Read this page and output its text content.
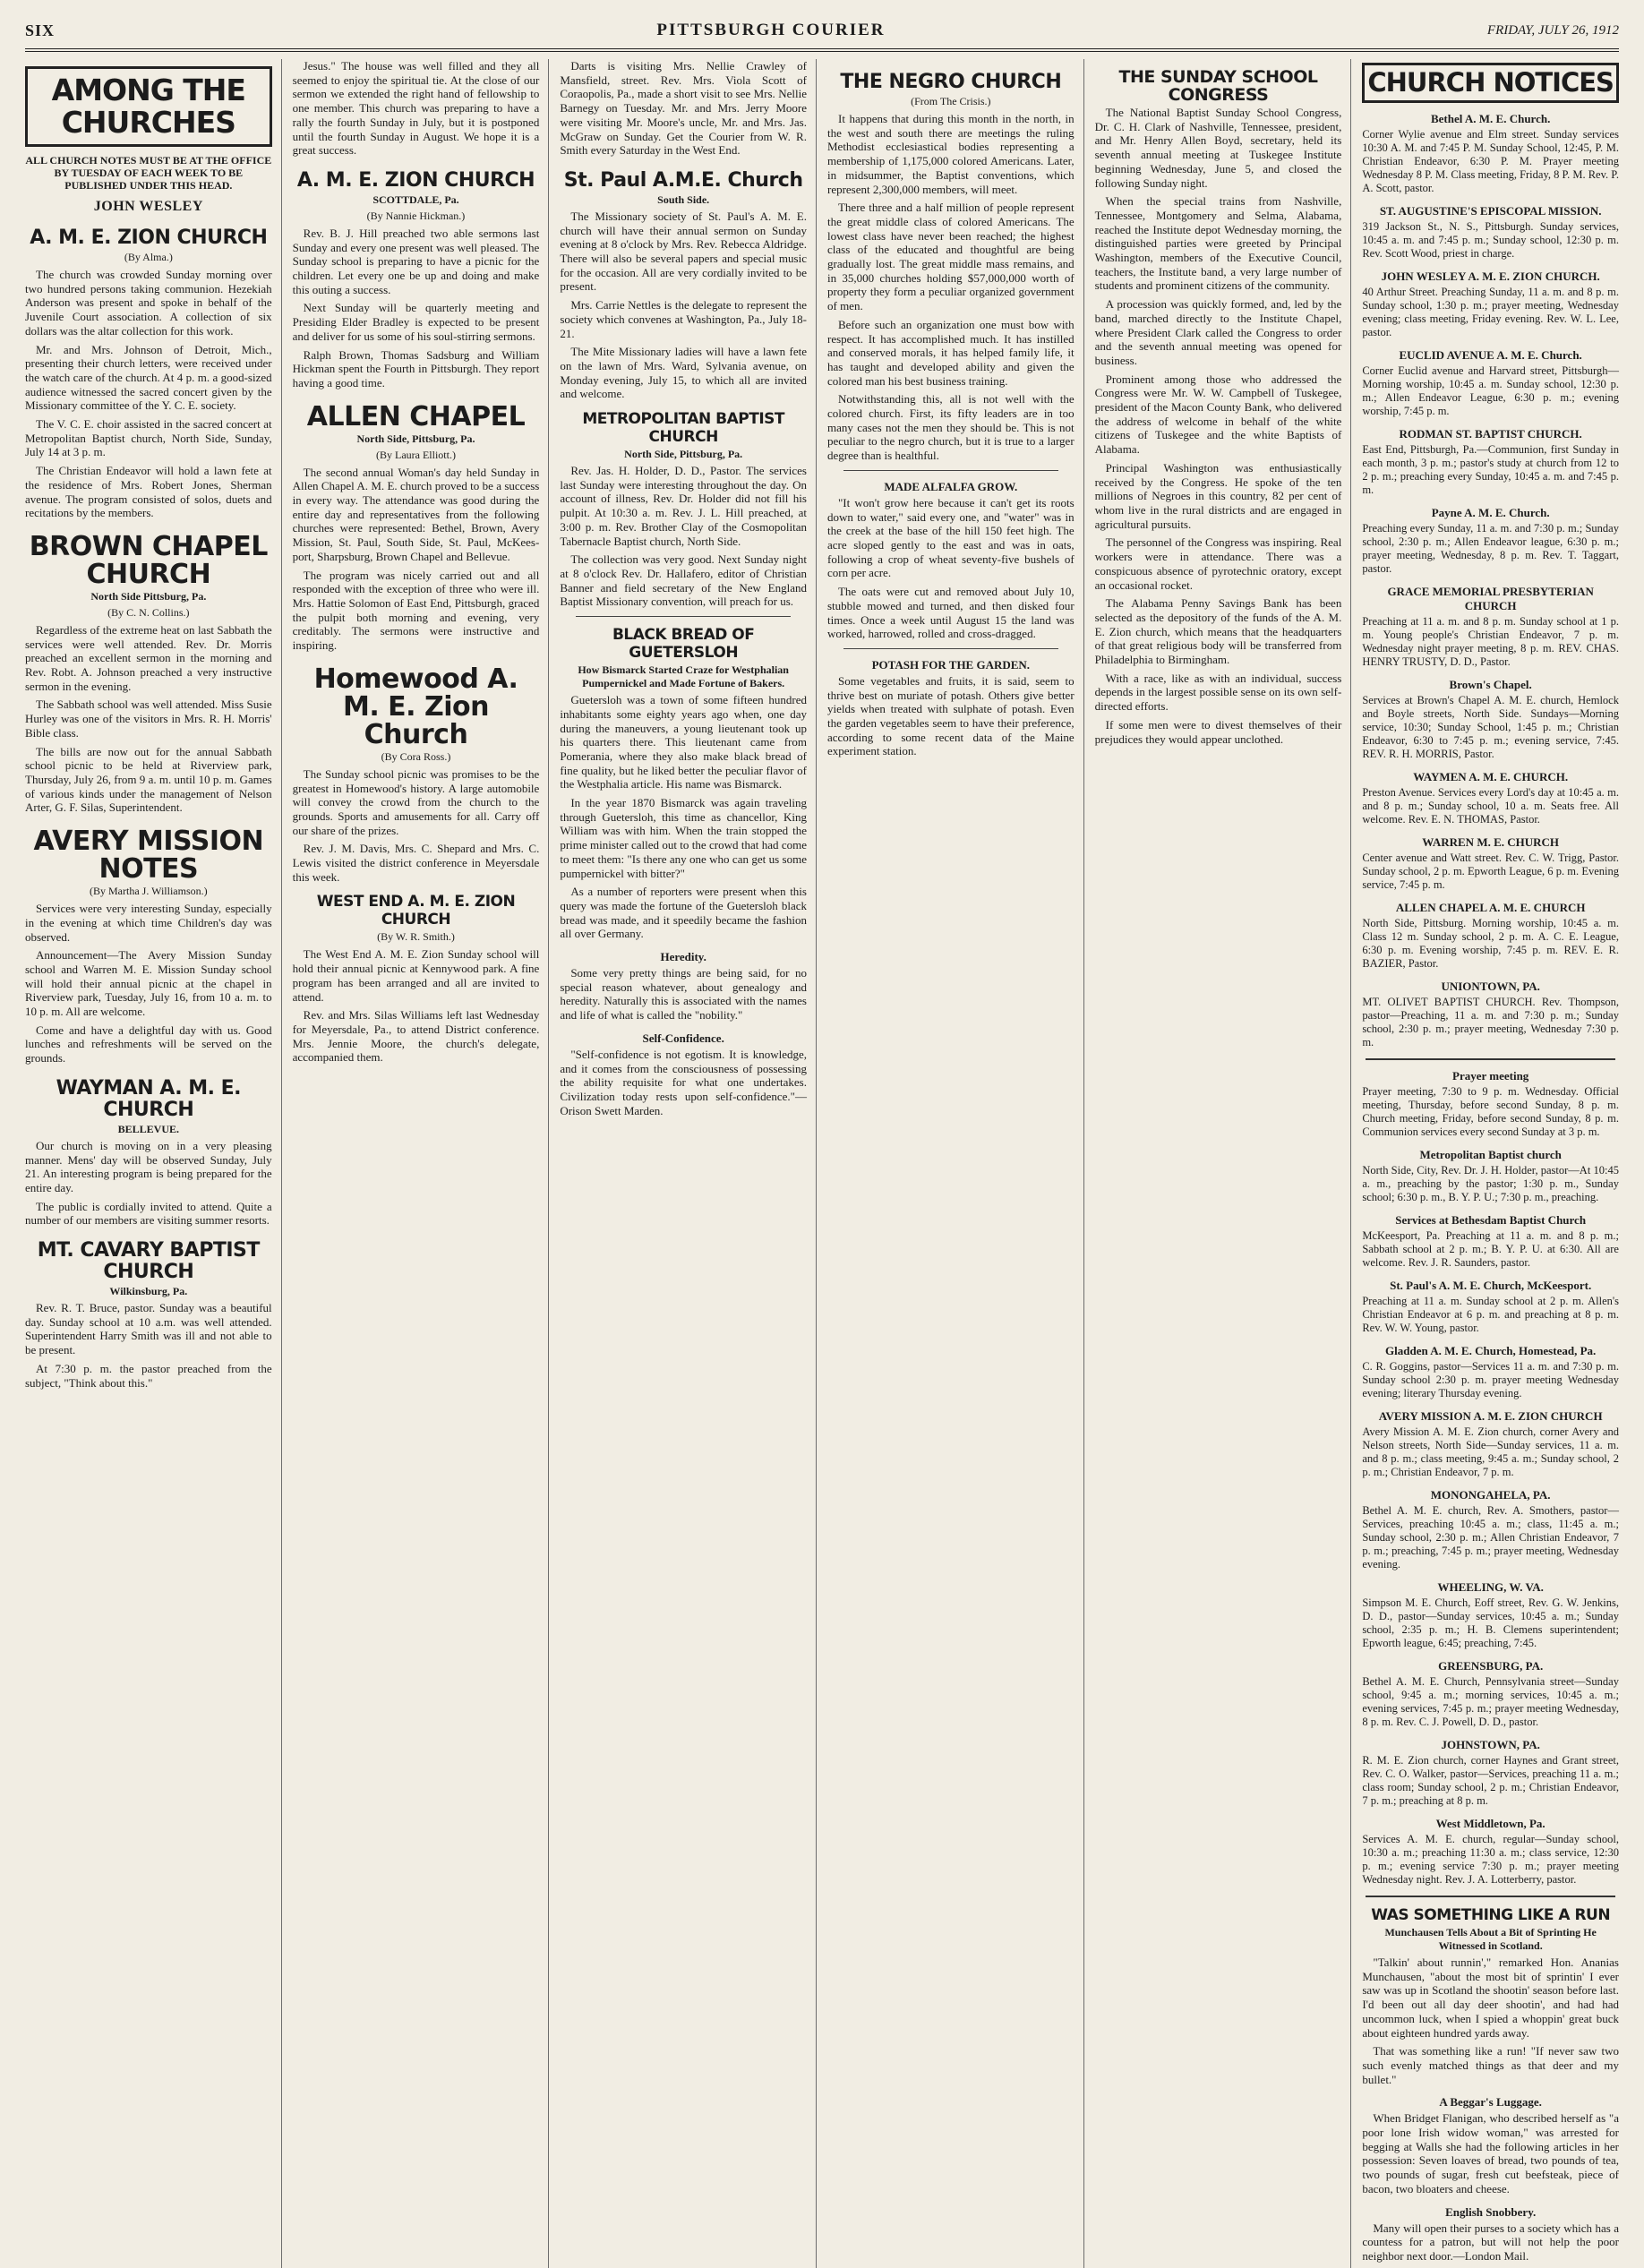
SIX	PITTSBURGH COURIER	FRIDAY, JULY 26, 1912
AMONG THE CHURCHES
ALL CHURCH NOTES MUST BE AT THE OFFICE BY TUESDAY OF EACH WEEK TO BE PUBLISHED UNDER THIS HEAD.
JOHN WESLEY
A. M. E. ZION CHURCH
(By Alma.)

The church was crowded Sunday morning over two hundred persons taking communion. Hezekiah Anderson was present and spoke in behalf of the Juvenile Court association. A collection of six dollars was the altar collection for this work.

Mr. and Mrs. Johnson of Detroit, Mich., presenting their church letters, were received under the watch care of the church. At 4 p. m. a good-sized audience witnessed the sacred concert given by the Missionary committee of the Y. C. E. society.

The V. C. E. choir assisted in the sacred concert at Metropolitan Baptist church, North Side, Sunday, July 14 at 3 p. m.

The Christian Endeavor will hold a lawn fete at the residence of Mrs. Robert Jones, Sherman avenue. The program consisted of solos, duets and recitations by the members.

BROWN CHAPEL CHURCH
North Side Pittsburg, Pa.
(By C. N. Collins.)

Regardless of the extreme heat on last Sabbath the services were well attended. Rev. Dr. Morris preached an excellent sermon in the morning and Rev. Robt. A. Johnson preached a very instructive sermon in the evening.

The Sabbath school was well attended. Miss Susie Hurley was one of the visitors in Mrs. R. H. Morris' Bible class.

The bills are now out for the annual Sabbath school picnic to be held at Riverview park, Thursday, July 26, from 9 a. m. until 10 p. m. Games of various kinds under the management of Nelson Arter, G. F. Silas, Superintendent.

AVERY MISSION NOTES
(By Martha J. Williamson.)

Services were very interesting Sunday, especially in the evening at which time Children's day was observed.

Announcement—The Avery Mission Sunday school and Warren M. E. Mission Sunday school will hold their annual picnic at the chapel in Riverview park, Tuesday, July 16, from 10 a. m. to 10 p. m. All are welcome.

Come and have a delightful day with us. Good lunches and refreshments will be served on the grounds.

WAYMAN A. M. E. CHURCH
BELLEVUE.

Our church is moving on in a very pleasing manner. Mens' day will be observed Sunday, July 21. An interesting program is being prepared for the entire day.

The public is cordially invited to attend. Quite a number of our members are visiting summer resorts.

MT. CAVARY BAPTIST CHURCH
Wilkinsburg, Pa.

Rev. R. T. Bruce, pastor. Sunday was a beautiful day. Sunday school at 10 a.m. was well attended. Superintendent Harry Smith was ill and not able to be present.

At 7:30 p. m. the pastor preached from the subject, "Think about this."

Jesus." The house was well filled and they all seemed to enjoy the spiritual tie. At the close of our sermon we extended the right hand of fellowship to one member. This church was preparing to have a rally the fourth Sunday in July, but it is postponed until the fourth Sunday in August. We hope it is a great success.

A. M. E. ZION CHURCH
SCOTTDALE, Pa.
(By Nannie Hickman.)

Rev. B. J. Hill preached two able sermons last Sunday and every one present was well pleased. The Sunday school is preparing to have a picnic for the children. Let every one be up and doing and make this outing a success.

Next Sunday will be quarterly meeting and Presiding Elder Bradley is expected to be present and deliver for us some of his soul-stirring sermons.

Ralph Brown, Thomas Sadsburg and William Hickman spent the Fourth in Pittsburgh. They report having a good time.

ALLEN CHAPEL
North Side, Pittsburg, Pa.
(By Laura Elliott.)

The second annual Woman's day held Sunday in Allen Chapel A. M. E. church proved to be a success in every way. The attendance was good during the entire day and representatives from the following churches were represented: Bethel, Brown, Avery Mission, St. Paul, South Side, St. Paul, McKees-port, Sharpsburg, Brown Chapel and Bellevue.

The program was nicely carried out and all responded with the exception of three who were ill. Mrs. Hattie Solomon of East End, Pittsburgh, graced the pulpit both morning and evening, very creditably. The sermons were instructive and inspiring.

Homewood A. M. E. Zion Church
(By Cora Ross.)

The Sunday school picnic was promises to be the greatest in Homewood's history. A large automobile will convey the crowd from the church to the grounds. Sports and amusements for all. Carry off our share of the prizes.

Rev. J. M. Davis, Mrs. C. Shepard and Mrs. C. Lewis visited the district conference in Meyersdale this week.

WEST END A. M. E. ZION CHURCH
(By W. R. Smith.)

The West End A. M. E. Zion Sunday school will hold their annual picnic at Kennywood park. A fine program has been arranged and all are invited to attend.

Rev. and Mrs. Silas Williams left last Wednesday for Meyersdale, Pa., to attend District conference. Mrs. Jennie Moore, the church's delegate, accompanied them.

Darts is visiting Mrs. Nellie Crawley of Mansfield, street. Rev. Mrs. Viola Scott of Coraopolis, Pa., made a short visit to see Mrs. Nellie Barnegy on Tuesday. Mr. and Mrs. Jerry Moore were visiting Mr. Moore's uncle, Mr. and Mrs. Jas. McGraw on Sunday. Get the Courier from W. R. Smith every Saturday in the West End.

St. Paul A.M.E. Church
South Side.

The Missionary society of St. Paul's A. M. E. church will have their annual sermon on Sunday evening at 8 o'clock by Mrs. Rev. Rebecca Aldridge. There will also be several papers and special music for the occasion. All are very cordially invited to be present.

Mrs. Carrie Nettles is the delegate to represent the society which convenes at Washington, Pa., July 18-21.

The Mite Missionary ladies will have a lawn fete on the lawn of Mrs. Ward, Sylvania avenue, on Monday evening, July 15, to which all are invited and welcome.

METROPOLITAN BAPTIST CHURCH
North Side, Pittsburg, Pa.

Rev. Jas. H. Holder, D. D., Pastor. The services last Sunday were interesting throughout the day. On account of illness, Rev. Dr. Holder did not fill his pulpit. At 10:30 a. m. Rev. J. L. Hill preached, at 3:00 p. m. Rev. Brother Clay of the Cosmopolitan Tabernacle Baptist church, North Side.

The collection was very good. Next Sunday night at 8 o'clock Rev. Dr. Hallafero, editor of Christian Banner and field secretary of the New England Baptist Missionary convention, will preach for us.

BLACK BREAD OF GUETERSLOH
How Bismarck Started Craze for Westphalian Pumpernickel and Made Fortune of Bakers.

Guetersloh was a town of some fifteen hundred inhabitants some eighty years ago when, one day during the maneuvers, a young lieutenant took up his quarters there. This lieutenant came from Pomerania, where they also make black bread of fine quality, but he liked better the peculiar flavor of the Westphalia article. His name was Bismarck.

In the year 1870 Bismarck was again traveling through Guetersloh, this time as chancellor, King William was with him. When the train stopped the prime minister called out to the crowd that had come to meet them: "Is there any one who can get us some pumpernickel with bitter?"

As a number of reporters were present when this query was made the fortune of the Guetersloh black bread was made, and it speedily became the fashion all over Germany.

Heredity.

Some very pretty things are being said, for no special reason whatever, about genealogy and heredity. Naturally this is associated with the names and life of what is called the "nobility."

Self-Confidence.

"Self-confidence is not egotism. It is knowledge, and it comes from the consciousness of possessing the ability requisite for what one undertakes. Civilization today rests upon self-confidence."—Orison Swett Marden.

THE NEGRO CHURCH
(From The Crisis.)

It happens that during this month in the north, in the west and south there are meetings the ruling Methodist ecclesiastical bodies representing a membership of 1,175,000 colored Americans. Later, in midsummer, the Baptist conventions, which represent 2,300,000 members, will meet.

There three and a half million of people represent the great middle class of colored Americans. The lowest class have never been reached; the highest class of the educated and thoughtful are being gradually lost. The great middle mass remains, and in 35,000 churches holding $57,000,000 worth of property they form a peculiar organized government of men.

Before such an organization one must bow with respect. It has accomplished much. It has instilled and conserved morals, it has helped family life, it has taught and developed ability and given the colored man his best business training.

Notwithstanding this, all is not well with the colored church. First, its fifty leaders are in too many cases not the men they should be. This is not peculiar to the negro church, but it is true to a larger degree than is healthful.

MADE ALFALFA GROW.

"It won't grow here because it can't get its roots down to water," said every one, and "water" was in the creek at the base of the hill 150 feet high. The acre sloped gently to the east and was in oats, following a crop of wheat seventy-five bushels of corn per acre.

The oats were cut and removed about July 10, stubble mowed and turned, and then disked four times. Once a week until August 15 the land was worked, harrowed, rolled and cross-dragged.

POTASH FOR THE GARDEN.

Some vegetables and fruits, it is said, seem to thrive best on muriate of potash. Others give better yields when treated with sulphate of potash. Even the garden vegetables seem to have their preference, according to some recent data of the Maine experiment station.

THE SUNDAY SCHOOL CONGRESS

The National Baptist Sunday School Congress, Dr. C. H. Clark of Nashville, Tennessee, president, and Mr. Henry Allen Boyd, secretary, held its seventh annual meeting at Tuskegee Institute beginning Wednesday, June 5, and closed the following Sunday night.

When the special trains from Nashville, Tennessee, Montgomery and Selma, Alabama, reached the Institute depot Wednesday morning, the distinguished parties were greeted by Principal Washington, members of the Executive Council, teachers, the Institute band, a very large number of students and prominent citizens of the community.

A procession was quickly formed, and, led by the band, marched directly to the Institute Chapel, where President Clark called the Congress to order and the seventh annual meeting was opened for business.

Prominent among those who addressed the Congress were Mr. W. W. Campbell of Tuskegee, president of the Macon County Bank, who delivered the address of welcome in behalf of the white citizens of Tuskegee and the white Baptists of Alabama.

Principal Washington was enthusiastically received by the Congress. He spoke of the ten millions of Negroes in this country, 82 per cent of whom live in the rural districts and are engaged in agricultural pursuits.

The personnel of the Congress was inspiring. Real workers were in attendance. There was a conspicuous absence of pyrotechnic oratory, except an occasional rocket.

The Alabama Penny Savings Bank has been selected as the depository of the funds of the A. M. E. Zion church, which means that the headquarters of that great religious body will be transferred from Philadelphia to Birmingham.

With a race, like as with an individual, success depends in the largest possible sense on its own self-directed efforts.

If some men were to divest themselves of their prejudices they would appear unclothed.

CHURCH NOTICES
Bethel A. M. E. Church.

Corner Wylie avenue and Elm street. Sunday services 10:30 A. M. and 7:45 P. M. Sunday School, 12:45, P. M. Christian Endeavor, 6:30 P. M. Prayer meeting Wednesday 8 P. M. Class meeting, Friday, 8 P. M. Rev. P. A. Scott, pastor.

ST. AUGUSTINE'S EPISCOPAL MISSION.

319 Jackson St., N. S., Pittsburgh. Sunday services, 10:45 a. m. and 7:45 p. m.; Sunday school, 12:30 p. m. Rev. Scott Wood, priest in charge.

JOHN WESLEY A. M. E. ZION CHURCH.

40 Arthur Street. Preaching Sunday, 11 a. m. and 8 p. m. Sunday school, 1:30 p. m.; prayer meeting, Wednesday evening; class meeting, Friday evening. Rev. W. L. Lee, pastor.

EUCLID AVENUE A. M. E. Church.

Corner Euclid avenue and Harvard street, Pittsburgh—Morning worship, 10:45 a. m. Sunday school, 12:30 p. m.; Allen Endeavor League, 6:30 p. m.; evening worship, 7:45 p. m.

RODMAN ST. BAPTIST CHURCH.

East End, Pittsburgh, Pa.—Communion, first Sunday in each month, 3 p. m.; pastor's study at church from 12 to 2 p. m.; preaching every Sunday, 10:45 a. m. and 7:45 p. m.

Payne A. M. E. Church.

Preaching every Sunday, 11 a. m. and 7:30 p. m.; Sunday school, 2:30 p. m.; Allen Endeavor league, 6:30 p. m.; prayer meeting, Wednesday, 8 p. m. Rev. T. Taggart, pastor.

GRACE MEMORIAL PRESBYTERIAN CHURCH

Preaching at 11 a. m. and 8 p. m. Sunday school at 1 p. m. Young people's Christian Endeavor, 7 p. m. Wednesday night prayer meeting, 8 p. m. REV. CHAS. HENRY TRUSTY, D. D., Pastor.

Brown's Chapel.

Services at Brown's Chapel A. M. E. church, Hemlock and Boyle streets, North Side. Sundays—Morning service, 10:30; Sunday School, 1:45 p. m.; Christian Endeavor, 6:30 to 7:45 p. m.; evening service, 7:45. REV. R. H. MORRIS, Pastor.

WAYMEN A. M. E. CHURCH.

Preston Avenue. Services every Lord's day at 10:45 a. m. and 8 p. m.; Sunday school, 10 a. m. Seats free. All welcome. Rev. E. N. THOMAS, Pastor.

WARREN M. E. CHURCH

Center avenue and Watt street. Rev. C. W. Trigg, Pastor. Sunday school, 2 p. m. Epworth League, 6 p. m. Evening service, 7:45 p. m.

ALLEN CHAPEL A. M. E. CHURCH

North Side, Pittsburg. Morning worship, 10:45 a. m. Class 12 m. Sunday school, 2 p. m. A. C. E. League, 6:30 p. m. Evening worship, 7:45 p. m. REV. E. R. BAZIER, Pastor.

UNIONTOWN, PA.

MT. OLIVET BAPTIST CHURCH. Rev. Thompson, pastor—Preaching, 11 a. m. and 7:30 p. m.; Sunday school, 2:30 p. m.; prayer meeting, Wednesday 7:30 p. m.

Prayer meeting

Prayer meeting, 7:30 to 9 p. m. Wednesday. Official meeting, Thursday, before second Sunday, 8 p. m. Church meeting, Friday, before second Sunday, 8 p. m. Communion services every second Sunday at 3 p. m.

Metropolitan Baptist church

North Side, City, Rev. Dr. J. H. Holder, pastor—At 10:45 a. m., preaching by the pastor; 1:30 p. m., Sunday school; 6:30 p. m., B. Y. P. U.; 7:30 p. m., preaching.

Services at Bethesdam Baptist Church

McKeesport, Pa. Preaching at 11 a. m. and 8 p. m.; Sabbath school at 2 p. m.; B. Y. P. U. at 6:30. All are welcome. Rev. J. R. Saunders, pastor.

St. Paul's A. M. E. Church, McKeesport.

Preaching at 11 a. m. Sunday school at 2 p. m. Allen's Christian Endeavor at 6 p. m. and preaching at 8 p. m. Rev. W. W. Young, pastor.

Gladden A. M. E. Church, Homestead, Pa.

C. R. Goggins, pastor—Services 11 a. m. and 7:30 p. m. Sunday school 2:30 p. m. prayer meeting Wednesday evening; literary Thursday evening.

AVERY MISSION A. M. E. ZION CHURCH

Avery Mission A. M. E. Zion church, corner Avery and Nelson streets, North Side—Sunday services, 11 a. m. and 8 p. m.; class meeting, 9:45 a. m.; Sunday school, 2 p. m.; Christian Endeavor, 7 p. m.

MONONGAHELA, PA.

Bethel A. M. E. church, Rev. A. Smothers, pastor—Services, preaching 10:45 a. m.; class, 11:45 a. m.; Sunday school, 2:30 p. m.; Allen Christian Endeavor, 7 p. m.; preaching, 7:45 p. m.; prayer meeting, Wednesday evening.

WHEELING, W. VA.

Simpson M. E. Church, Eoff street, Rev. G. W. Jenkins, D. D., pastor—Sunday services, 10:45 a. m.; Sunday school, 2:35 p. m.; H. B. Clemens superintendent; Epworth league, 6:45; preaching, 7:45.

GREENSBURG, PA.

Bethel A. M. E. Church, Pennsylvania street—Sunday school, 9:45 a. m.; morning services, 10:45 a. m.; evening services, 7:45 p. m.; prayer meeting Wednesday, 8 p. m. Rev. C. J. Powell, D. D., pastor.

JOHNSTOWN, PA.

R. M. E. Zion church, corner Haynes and Grant street, Rev. C. O. Walker, pastor—Services, preaching 11 a. m.; class room; Sunday school, 2 p. m.; Christian Endeavor, 7 p. m.; preaching at 8 p. m.

West Middletown, Pa.

Services A. M. E. church, regular—Sunday school, 10:30 a. m.; preaching 11:30 a. m.; class service, 12:30 p. m.; evening service 7:30 p. m.; prayer meeting Wednesday night. Rev. J. A. Lotterberry, pastor.

WAS SOMETHING LIKE A RUN
Munchausen Tells About a Bit of Sprinting He Witnessed in Scotland.

"Talkin' about runnin'," remarked Hon. Ananias Munchausen, "about the most bit of sprintin' I ever saw was up in Scotland the shootin' season before last. I'd been out all day deer shootin', and had had uncommon luck, when I spied a whoppin' great buck about eighteen hundred yards away.

That was something like a run! "If never saw two such evenly matched things as that deer and my bullet."

A Beggar's Luggage.

When Bridget Flanigan, who described herself as "a poor lone Irish widow woman," was arrested for begging at Walls she had the following articles in her possession: Seven loaves of bread, two pounds of tea, two pounds of sugar, fresh cut beefsteak, piece of bacon, two bloaters and cheese.

English Snobbery.

Many will open their purses to a society which has a countess for a patron, but will not help the poor neighbor next door.—London Mail.
